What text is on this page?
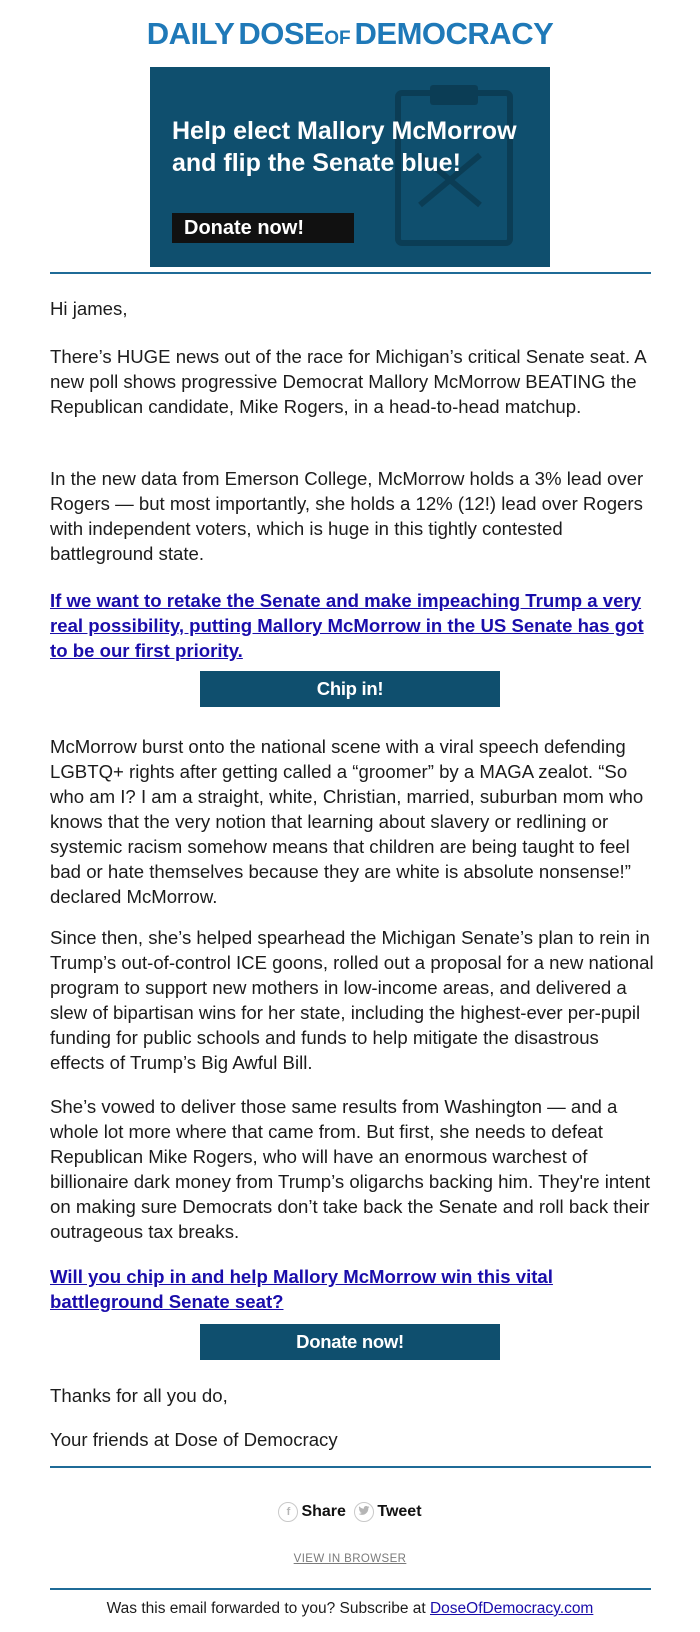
DAILY DOSEOF DEMOCRACY
Help elect Mallory McMorrow and flip the Senate blue!
Donate now!
Hi james,
There’s HUGE news out of the race for Michigan’s critical Senate seat. A new poll shows progressive Democrat Mallory McMorrow BEATING the Republican candidate, Mike Rogers, in a head-to-head matchup.
In the new data from Emerson College, McMorrow holds a 3% lead over Rogers — but most importantly, she holds a 12% (12!) lead over Rogers with independent voters, which is huge in this tightly contested battleground state.
If we want to retake the Senate and make impeaching Trump a very real possibility, putting Mallory McMorrow in the US Senate has got to be our first priority.
Chip in!
McMorrow burst onto the national scene with a viral speech defending LGBTQ+ rights after getting called a “groomer” by a MAGA zealot. “So who am I? I am a straight, white, Christian, married, suburban mom who knows that the very notion that learning about slavery or redlining or systemic racism somehow means that children are being taught to feel bad or hate themselves because they are white is absolute nonsense!” declared McMorrow.
Since then, she’s helped spearhead the Michigan Senate’s plan to rein in Trump’s out-of-control ICE goons, rolled out a proposal for a new national program to support new mothers in low-income areas, and delivered a slew of bipartisan wins for her state, including the highest-ever per-pupil funding for public schools and funds to help mitigate the disastrous effects of Trump’s Big Awful Bill.
She’s vowed to deliver those same results from Washington — and a whole lot more where that came from. But first, she needs to defeat Republican Mike Rogers, who will have an enormous warchest of billionaire dark money from Trump’s oligarchs backing him. They're intent on making sure Democrats don’t take back the Senate and roll back their outrageous tax breaks.
Will you chip in and help Mallory McMorrow win this vital battleground Senate seat?
Donate now!
Thanks for all you do,
Your friends at Dose of Democracy
f Share
Tweet
VIEW IN BROWSER
Was this email forwarded to you? Subscribe at DoseOfDemocracy.com
